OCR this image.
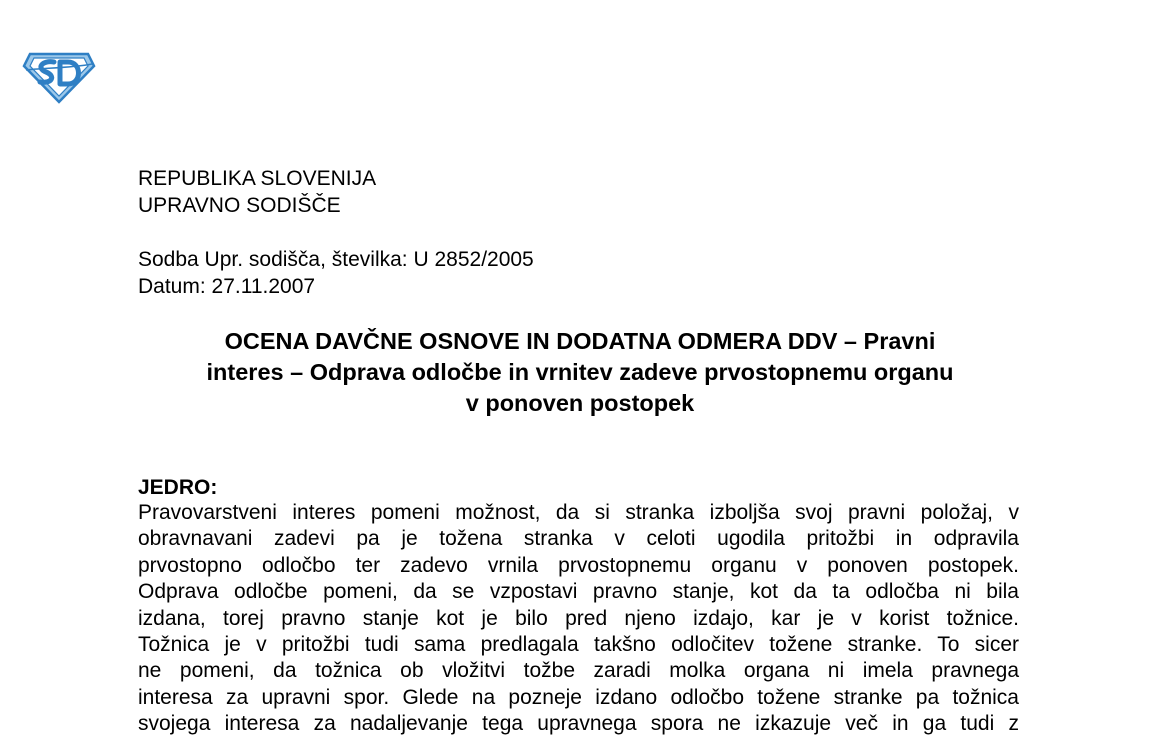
REPUBLIKA SLOVENIJA
UPRAVNO SODIŠČE
Sodba Upr. sodišča, številka: U 2852/2005
Datum: 27.11.2007
OCENA DAVČNE OSNOVE IN DODATNA ODMERA DDV – Pravni
interes – Odprava odločbe in vrnitev zadeve prvostopnemu organu
v ponoven postopek
JEDRO:
Pravovarstveni interes pomeni možnost, da si stranka izboljša svoj pravni položaj, v
obravnavani zadevi pa je tožena stranka v celoti ugodila pritožbi in odpravila
prvostopno odločbo ter zadevo vrnila prvostopnemu organu v ponoven postopek.
Odprava odločbe pomeni, da se vzpostavi pravno stanje, kot da ta odločba ni bila
izdana, torej pravno stanje kot je bilo pred njeno izdajo, kar je v korist tožnice.
Tožnica je v pritožbi tudi sama predlagala takšno odločitev tožene stranke. To sicer
ne pomeni, da tožnica ob vložitvi tožbe zaradi molka organa ni imela pravnega
interesa za upravni spor. Glede na pozneje izdano odločbo tožene stranke pa tožnica
svojega interesa za nadaljevanje tega upravnega spora ne izkazuje več in ga tudi z
